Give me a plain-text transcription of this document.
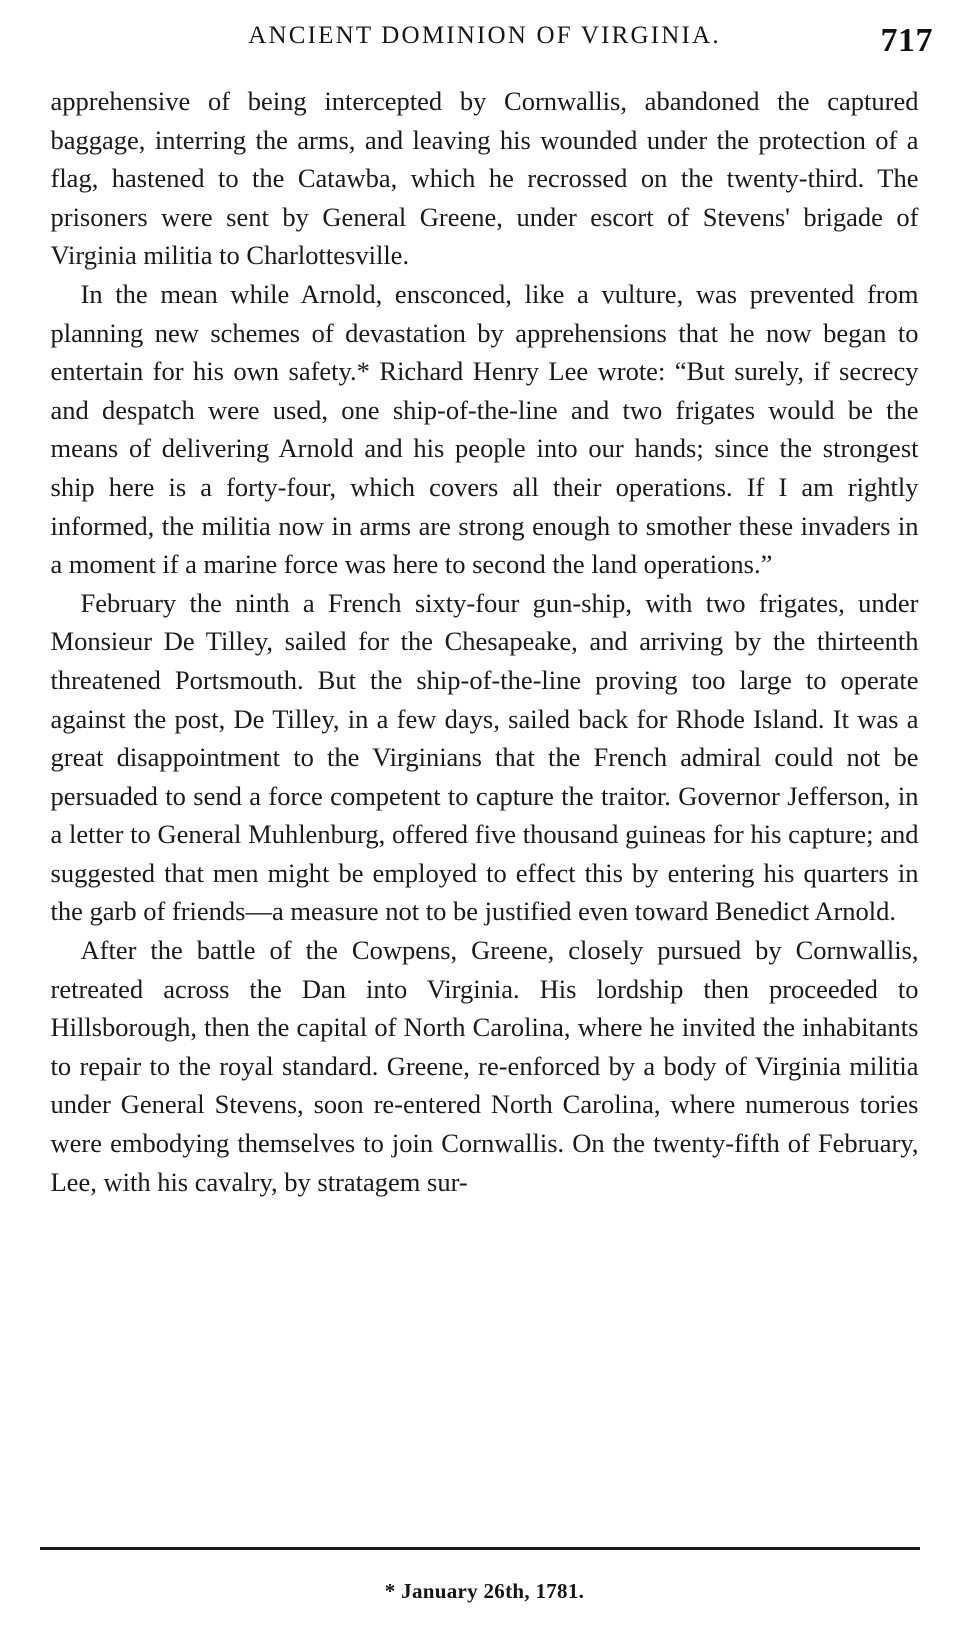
ANCIENT DOMINION OF VIRGINIA.	717

apprehensive of being intercepted by Cornwallis, abandoned the captured baggage, interring the arms, and leaving his wounded under the protection of a flag, hastened to the Catawba, which he recrossed on the twenty-third. The prisoners were sent by General Greene, under escort of Stevens' brigade of Virginia militia to Charlottesville.

In the mean while Arnold, ensconced, like a vulture, was prevented from planning new schemes of devastation by apprehensions that he now began to entertain for his own safety.* Richard Henry Lee wrote: “But surely, if secrecy and despatch were used, one ship-of-the-line and two frigates would be the means of delivering Arnold and his people into our hands; since the strongest ship here is a forty-four, which covers all their operations. If I am rightly informed, the militia now in arms are strong enough to smother these invaders in a moment if a marine force was here to second the land operations.”

February the ninth a French sixty-four gun-ship, with two frigates, under Monsieur De Tilley, sailed for the Chesapeake, and arriving by the thirteenth threatened Portsmouth. But the ship-of-the-line proving too large to operate against the post, De Tilley, in a few days, sailed back for Rhode Island. It was a great disappointment to the Virginians that the French admiral could not be persuaded to send a force competent to capture the traitor. Governor Jefferson, in a letter to General Muhlenburg, offered five thousand guineas for his capture; and suggested that men might be employed to effect this by entering his quarters in the garb of friends—a measure not to be justified even toward Benedict Arnold.

After the battle of the Cowpens, Greene, closely pursued by Cornwallis, retreated across the Dan into Virginia. His lordship then proceeded to Hillsborough, then the capital of North Carolina, where he invited the inhabitants to repair to the royal standard. Greene, re-enforced by a body of Virginia militia under General Stevens, soon re-entered North Carolina, where numerous tories were embodying themselves to join Cornwallis. On the twenty-fifth of February, Lee, with his cavalry, by stratagem sur-

* January 26th, 1781.
